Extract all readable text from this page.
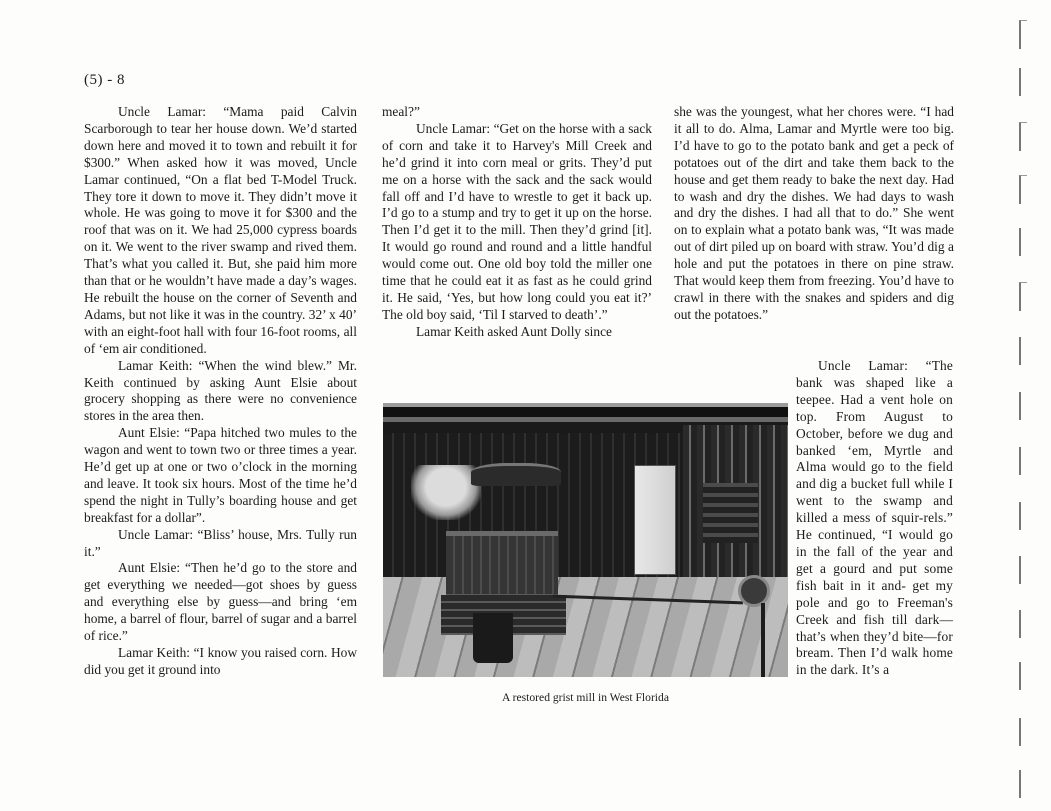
(5) - 8

Uncle Lamar: “Mama paid Calvin Scarborough to tear her house down. We’d started down here and moved it to town and rebuilt it for $300.” When asked how it was moved, Uncle Lamar continued, “On a flat bed T-Model Truck. They tore it down to move it. They didn’t move it whole. He was going to move it for $300 and the roof that was on it. We had 25,000 cypress boards on it. We went to the river swamp and rived them. That’s what you called it. But, she paid him more than that or he wouldn’t have made a day’s wages. He rebuilt the house on the corner of Seventh and Adams, but not like it was in the country. 32’ x 40’ with an eight-foot hall with four 16-foot rooms, all of ‘em air conditioned.

Lamar Keith: “When the wind blew.” Mr. Keith continued by asking Aunt Elsie about grocery shopping as there were no convenience stores in the area then.

Aunt Elsie: “Papa hitched two mules to the wagon and went to town two or three times a year. He’d get up at one or two o’clock in the morning and leave. It took six hours. Most of the time he’d spend the night in Tully’s boarding house and get breakfast for a dollar”.

Uncle Lamar: “Bliss’ house, Mrs. Tully run it.”

Aunt Elsie: “Then he’d go to the store and get everything we needed—got shoes by guess and everything else by guess—and bring ‘em home, a barrel of flour, barrel of sugar and a barrel of rice.”

Lamar Keith: “I know you raised corn. How did you get it ground into

meal?”

Uncle Lamar: “Get on the horse with a sack of corn and take it to Harvey's Mill Creek and he’d grind it into corn meal or grits. They’d put me on a horse with the sack and the sack would fall off and I’d have to wrestle to get it back up. I’d go to a stump and try to get it up on the horse. Then I’d get it to the mill. Then they’d grind [it]. It would go round and round and a little handful would come out. One old boy told the miller one time that he could eat it as fast as he could grind it. He said, ‘Yes, but how long could you eat it?’ The old boy said, ‘Til I starved to death’.”

Lamar Keith asked Aunt Dolly since

she was the youngest, what her chores were. “I had it all to do. Alma, Lamar and Myrtle were too big. I’d have to go to the potato bank and get a peck of potatoes out of the dirt and take them back to the house and get them ready to bake the next day. Had to wash and dry the dishes. We had days to wash and dry the dishes. I had all that to do.” She went on to explain what a potato bank was, “It was made out of dirt piled up on board with straw. You’d dig a hole and put the potatoes in there on pine straw. That would keep them from freezing. You’d have to crawl in there with the snakes and spiders and dig out the potatoes.”

Uncle Lamar: “The bank was shaped like a teepee. Had a vent hole on top. From August to October, before we dug and banked ‘em, Myrtle and Alma would go to the field and dig a bucket full while I went to the swamp and killed a mess of squir-rels.” He continued, “I would go in the fall of the year and get a gourd and put some fish bait in it and- get my pole and go to Freeman's Creek and fish till dark—that’s when they’d bite—for bream. Then I’d walk home in the dark. It’s a

A restored grist mill in West Florida
